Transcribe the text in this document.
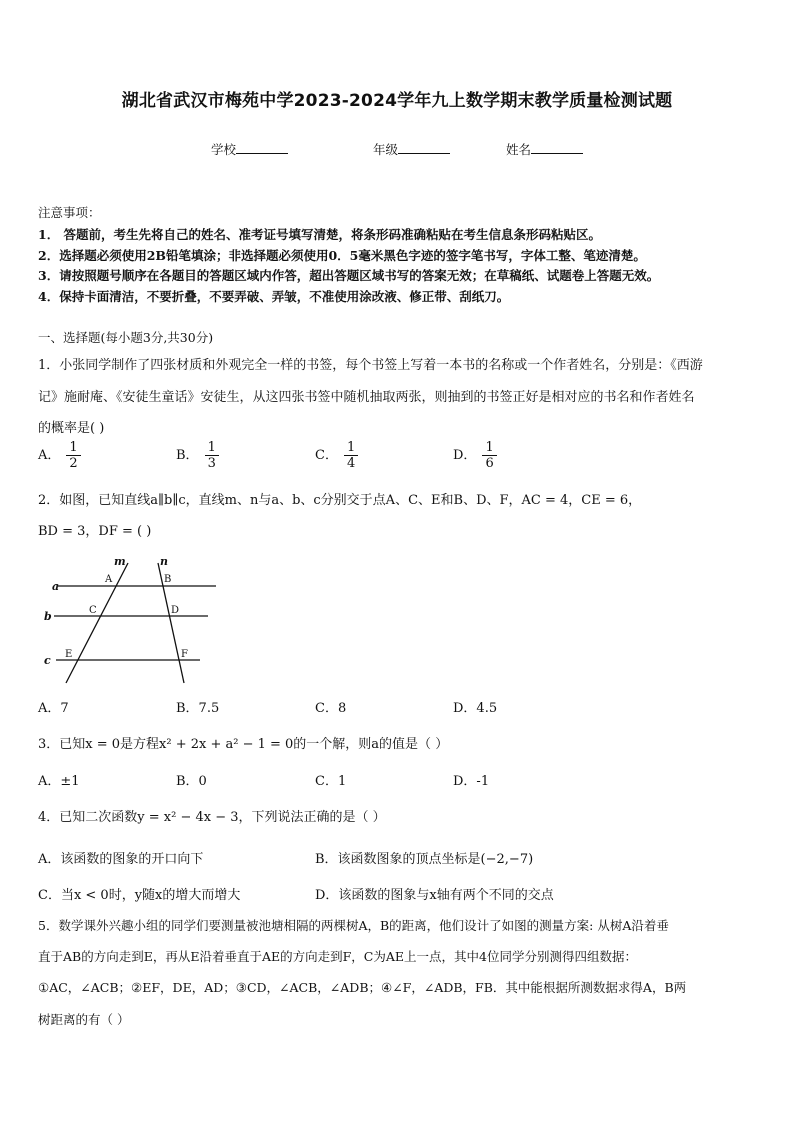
湖北省武汉市梅苑中学2023-2024学年九上数学期末教学质量检测试题
学校	年级	姓名
注意事项：
1． 答题前，考生先将自己的姓名、准考证号填写清楚，将条形码准确粘贴在考生信息条形码粘贴区。
2．选择题必须使用2B铅笔填涂；非选择题必须使用0．5毫米黑色字迹的签字笔书写，字体工整、笔迹清楚。
3．请按照题号顺序在各题目的答题区域内作答，超出答题区域书写的答案无效；在草稿纸、试题卷上答题无效。
4．保持卡面清洁，不要折叠，不要弄破、弄皱，不准使用涂改液、修正带、刮纸刀。
一、选择题(每小题3分,共30分)
1．小张同学制作了四张材质和外观完全一样的书签，每个书签上写着一本书的名称或一个作者姓名，分别是：《西游
记》施耐庵、《安徒生童话》安徒生，从这四张书签中随机抽取两张，则抽到的书签正好是相对应的书名和作者姓名
的概率是( )
A． $\frac{1}{2}$	B． $\frac{1}{3}$	C． $\frac{1}{4}$	D． $\frac{1}{6}$
2．如图，已知直线a∥b∥c，直线m、n与a、b、c分别交于点A、C、E和B、D、F，AC = 4，CE = 6，
BD = 3，DF = ( )
a
b
c
m	n
A	B
C	D
E	F
A．7	B．7.5	C．8	D．4.5
3．已知x = 0是方程x² + 2x + a² − 1 = 0的一个解，则a的值是（ ）
A．±1	B．0	C．1	D．-1
4．已知二次函数y = x² − 4x − 3，下列说法正确的是（ ）
A．该函数的图象的开口向下	B．该函数图象的顶点坐标是(−2,−7)
C．当x < 0时，y随x的增大而增大	D．该函数的图象与x轴有两个不同的交点
5．数学课外兴趣小组的同学们要测量被池塘相隔的两棵树A，B的距离，他们设计了如图的测量方案: 从树A沿着垂
直于AB的方向走到E，再从E沿着垂直于AE的方向走到F，C为AE上一点，其中4位同学分别测得四组数据：
①AC，∠ACB；②EF，DE，AD；③CD，∠ACB，∠ADB；④∠F，∠ADB，FB．其中能根据所测数据求得A，B两
树距离的有（ ）
